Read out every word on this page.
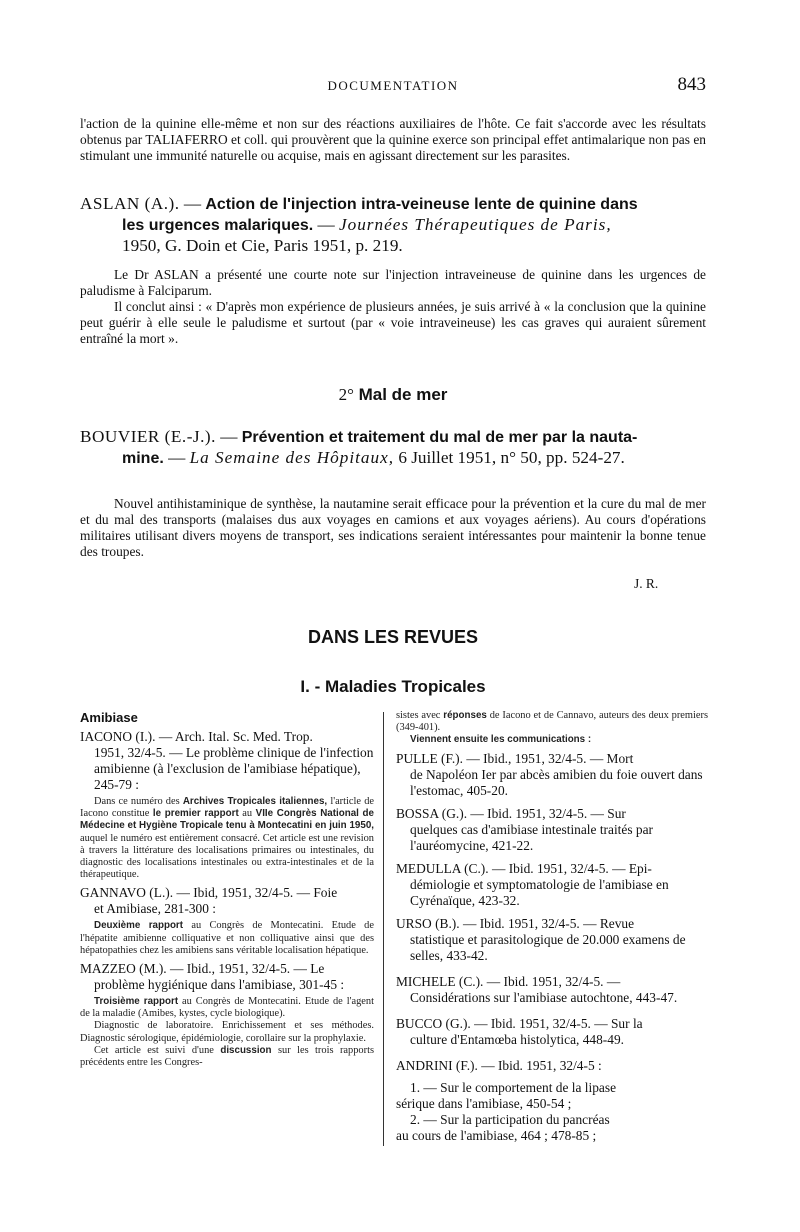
DOCUMENTATION	843

l'action de la quinine elle-même et non sur des réactions auxiliaires de l'hôte. Ce fait s'accorde avec les résultats obtenus par TALIAFERRO et coll. qui prouvèrent que la quinine exerce son principal effet antimalarique non pas en stimulant une immunité naturelle ou acquise, mais en agissant directement sur les parasites.

ASLAN (A.). — Action de l'injection intra-veineuse lente de quinine dans
les urgences malariques. — Journées Thérapeutiques de Paris,
1950, G. Doin et Cie, Paris 1951, p. 219.

Le Dr ASLAN a présenté une courte note sur l'injection intraveineuse de quinine dans les urgences de paludisme à Falciparum.

Il conclut ainsi : « D'après mon expérience de plusieurs années, je suis arrivé à « la conclusion que la quinine peut guérir à elle seule le paludisme et surtout (par « voie intraveineuse) les cas graves qui auraient sûrement entraîné la mort ».

2° Mal de mer
BOUVIER (E.-J.). — Prévention et traitement du mal de mer par la nauta-
mine. — La Semaine des Hôpitaux, 6 Juillet 1951, n° 50, pp. 524-27.

Nouvel antihistaminique de synthèse, la nautamine serait efficace pour la prévention et la cure du mal de mer et du mal des transports (malaises dus aux voyages en camions et aux voyages aériens). Au cours d'opérations militaires utilisant divers moyens de transport, ses indications seraient intéressantes pour maintenir la bonne tenue des troupes.

J. R.
DANS LES REVUES
I. - Maladies Tropicales
Amibiase
IACONO (I.). — Arch. Ital. Sc. Med. Trop.
1951, 32/4-5. — Le problème clinique de l'infection amibienne (à l'exclusion de l'amibiase hépatique), 245-79 :

Dans ce numéro des Archives Tropicales italiennes, l'article de Iacono constitue le premier rapport au VIIe Congrès National de Médecine et Hygiène Tropicale tenu à Montecatini en juin 1950, auquel le numéro est entièrement consacré. Cet article est une revision à travers la littérature des localisations primaires ou intestinales, du diagnostic des localisations intestinales ou extra-intestinales et de la thérapeutique.

GANNAVO (L.). — Ibid, 1951, 32/4-5. — Foie
et Amibiase, 281-300 :

Deuxième rapport au Congrès de Montecatini. Etude de l'hépatite amibienne colliquative et non colliquative ainsi que des hépatopathies chez les amibiens sans véritable localisation hépatique.

MAZZEO (M.). — Ibid., 1951, 32/4-5. — Le
problème hygiénique dans l'amibiase, 301-45 :

Troisième rapport au Congrès de Montecatini. Etude de l'agent de la maladie (Amibes, kystes, cycle biologique).

Diagnostic de laboratoire. Enrichissement et ses méthodes. Diagnostic sérologique, épidémiologie, corollaire sur la prophylaxie.

Cet article est suivi d'une discussion sur les trois rapports précédents entre les Congres-

sistes avec réponses de Iacono et de Cannavo, auteurs des deux premiers (349-401).

Viennent ensuite les communications :

PULLE (F.). — Ibid., 1951, 32/4-5. — Mort
de Napoléon Ier par abcès amibien du foie ouvert dans l'estomac, 405-20.
BOSSA (G.). — Ibid. 1951, 32/4-5. — Sur
quelques cas d'amibiase intestinale traités par l'auréomycine, 421-22.
MEDULLA (C.). — Ibid. 1951, 32/4-5. — Epi-
démiologie et symptomatologie de l'amibiase en Cyrénaïque, 423-32.
URSO (B.). — Ibid. 1951, 32/4-5. — Revue
statistique et parasitologique de 20.000 examens de selles, 433-42.
MICHELE (C.). — Ibid. 1951, 32/4-5. —
Considérations sur l'amibiase autochtone, 443-47.
BUCCO (G.). — Ibid. 1951, 32/4-5. — Sur la
culture d'Entamœba histolytica, 448-49.
ANDRINI (F.). — Ibid. 1951, 32/4-5 :
1. — Sur le comportement de la lipase
sérique dans l'amibiase, 450-54 ;
2. — Sur la participation du pancréas
au cours de l'amibiase, 464 ; 478-85 ;
